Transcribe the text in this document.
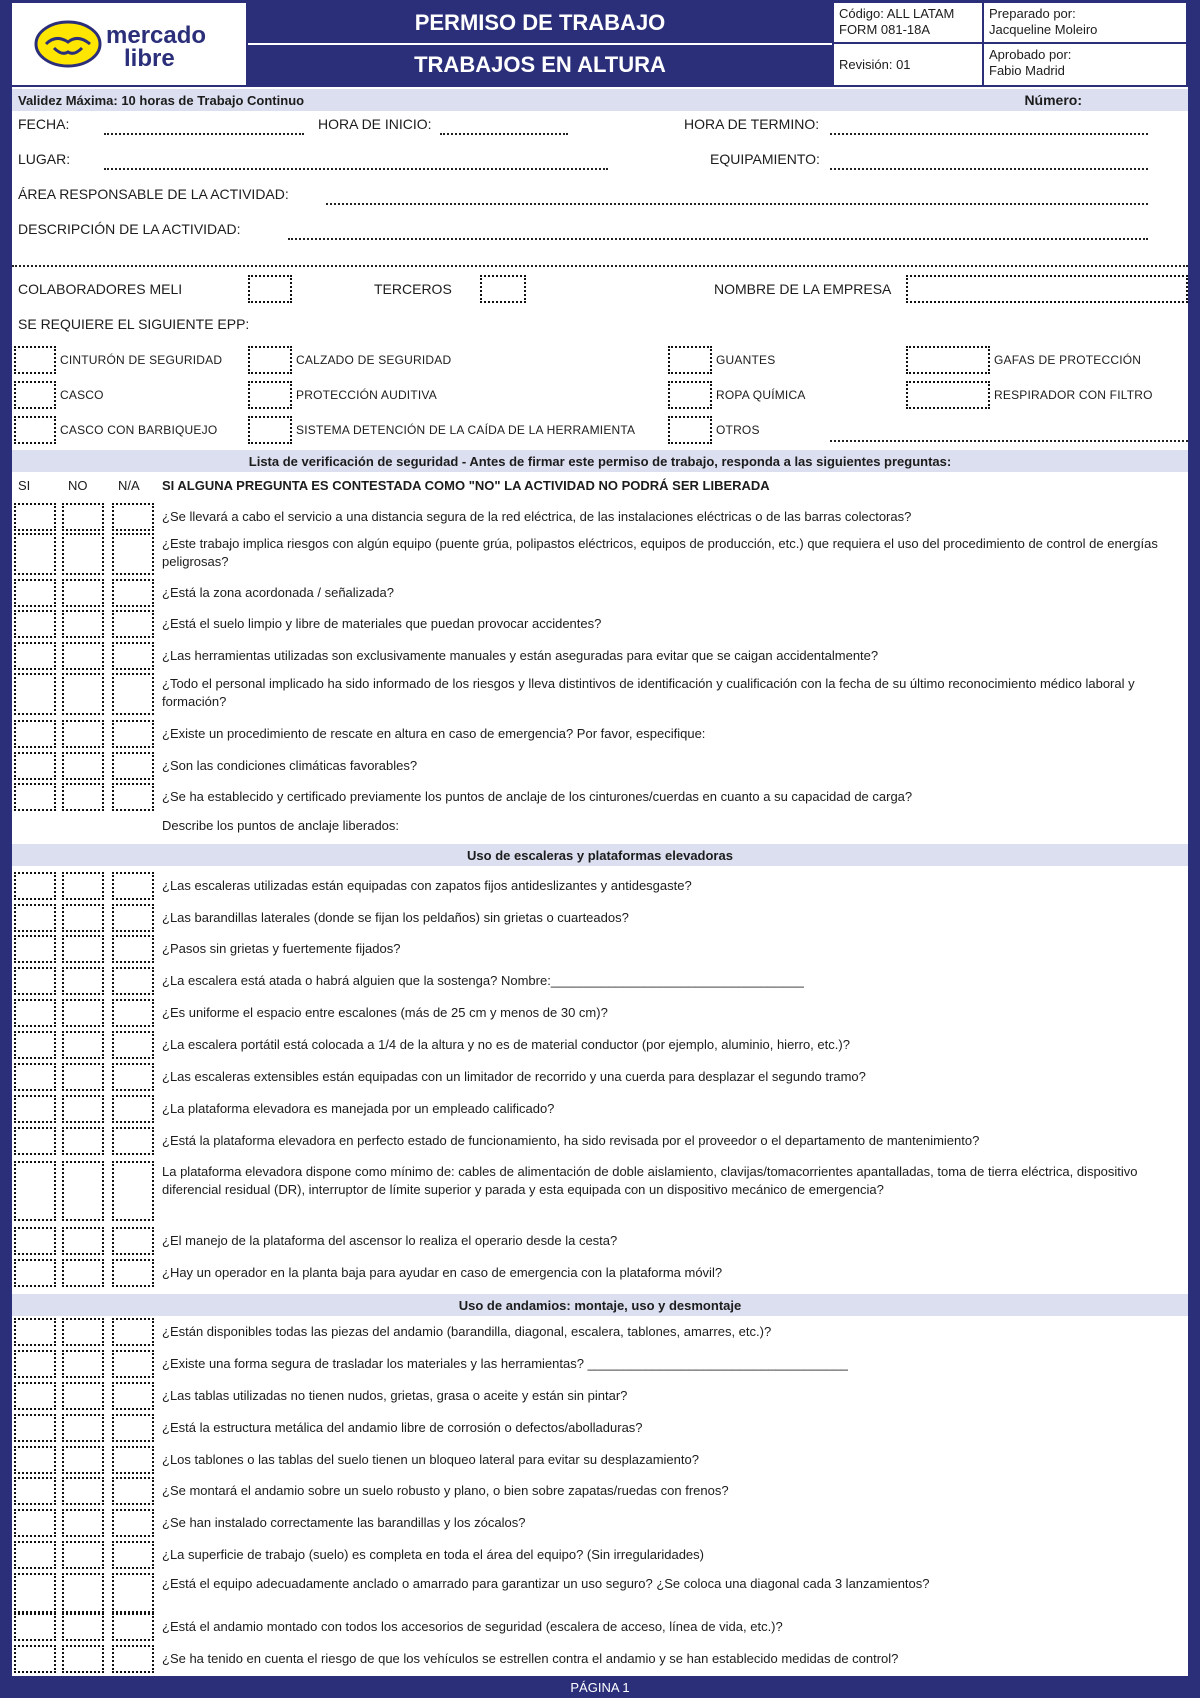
mercado
libre
PERMISO DE TRABAJO
TRABAJOS EN ALTURA
Código: ALL LATAM
FORM 081-18A
Preparado por:
Jacqueline Moleiro
Revisión: 01
Aprobado por:
Fabio Madrid
Validez Máxima: 10 horas de Trabajo Continuo	Número:
FECHA:	HORA DE INICIO:	HORA DE TERMINO:
LUGAR:	EQUIPAMIENTO:
ÁREA RESPONSABLE DE LA ACTIVIDAD:
DESCRIPCIÓN DE LA ACTIVIDAD:
COLABORADORES MELI	TERCEROS	NOMBRE DE LA EMPRESA
SE REQUIERE EL SIGUIENTE EPP:
CINTURÓN DE SEGURIDAD	CALZADO DE SEGURIDAD	GUANTES	GAFAS DE PROTECCIÓN
CASCO	PROTECCIÓN AUDITIVA	ROPA QUÍMICA	RESPIRADOR CON FILTRO
CASCO CON BARBIQUEJO	SISTEMA DETENCIÓN DE LA CAÍDA DE LA HERRAMIENTA	OTROS
Lista de verificación de seguridad - Antes de firmar este permiso de trabajo, responda a las siguientes preguntas:
SI	NO N/A SI ALGUNA PREGUNTA ES CONTESTADA COMO "NO" LA ACTIVIDAD NO PODRÁ SER LIBERADA
¿Se llevará a cabo el servicio a una distancia segura de la red eléctrica, de las instalaciones eléctricas o de las barras colectoras?
¿Este trabajo implica riesgos con algún equipo (puente grúa, polipastos eléctricos, equipos de producción, etc.) que requiera el uso del procedimiento de control de energías peligrosas?
¿Está la zona acordonada / señalizada?
¿Está el suelo limpio y libre de materiales que puedan provocar accidentes?
¿Las herramientas utilizadas son exclusivamente manuales y están aseguradas para evitar que se caigan accidentalmente?
¿Todo el personal implicado ha sido informado de los riesgos y lleva distintivos de identificación y cualificación con la fecha de su último reconocimiento médico laboral y formación?
¿Existe un procedimiento de rescate en altura en caso de emergencia? Por favor, especifique:
¿Son las condiciones climáticas favorables?
¿Se ha establecido y certificado previamente los puntos de anclaje de los cinturones/cuerdas en cuanto a su capacidad de carga?
¿Las escaleras utilizadas están equipadas con zapatos fijos antideslizantes y antidesgaste?
¿Las barandillas laterales (donde se fijan los peldaños) sin grietas o cuarteados?
¿Pasos sin grietas y fuertemente fijados?
¿La escalera está atada o habrá alguien que la sostenga? Nombre:___________________________________
¿Es uniforme el espacio entre escalones (más de 25 cm y menos de 30 cm)?
¿La escalera portátil está colocada a 1/4 de la altura y no es de material conductor (por ejemplo, aluminio, hierro, etc.)?
¿Las escaleras extensibles están equipadas con un limitador de recorrido y una cuerda para desplazar el segundo tramo?
¿La plataforma elevadora es manejada por un empleado calificado?
¿Está la plataforma elevadora en perfecto estado de funcionamiento, ha sido revisada por el proveedor o el departamento de mantenimiento?
La plataforma elevadora dispone como mínimo de: cables de alimentación de doble aislamiento, clavijas/tomacorrientes apantalladas, toma de tierra eléctrica, dispositivo diferencial residual (DR), interruptor de límite superior y parada y esta equipada con un dispositivo mecánico de emergencia?
¿El manejo de la plataforma del ascensor lo realiza el operario desde la cesta?
¿Hay un operador en la planta baja para ayudar en caso de emergencia con la plataforma móvil?
¿Están disponibles todas las piezas del andamio (barandilla, diagonal, escalera, tablones, amarres, etc.)?
¿Existe una forma segura de trasladar los materiales y las herramientas? ____________________________________
¿Las tablas utilizadas no tienen nudos, grietas, grasa o aceite y están sin pintar?
¿Está la estructura metálica del andamio libre de corrosión o defectos/abolladuras?
¿Los tablones o las tablas del suelo tienen un bloqueo lateral para evitar su desplazamiento?
¿Se montará el andamio sobre un suelo robusto y plano, o bien sobre zapatas/ruedas con frenos?
¿Se han instalado correctamente las barandillas y los zócalos?
¿La superficie de trabajo (suelo) es completa en toda el área del equipo? (Sin irregularidades)
¿Está el equipo adecuadamente anclado o amarrado para garantizar un uso seguro? ¿Se coloca una diagonal cada 3 lanzamientos?
¿Está el andamio montado con todos los accesorios de seguridad (escalera de acceso, línea de vida, etc.)?
¿Se ha tenido en cuenta el riesgo de que los vehículos se estrellen contra el andamio y se han establecido medidas de control?
Describe los puntos de anclaje liberados:
Uso de escaleras y plataformas elevadoras
Uso de andamios: montaje, uso y desmontaje
PÁGINA 1
